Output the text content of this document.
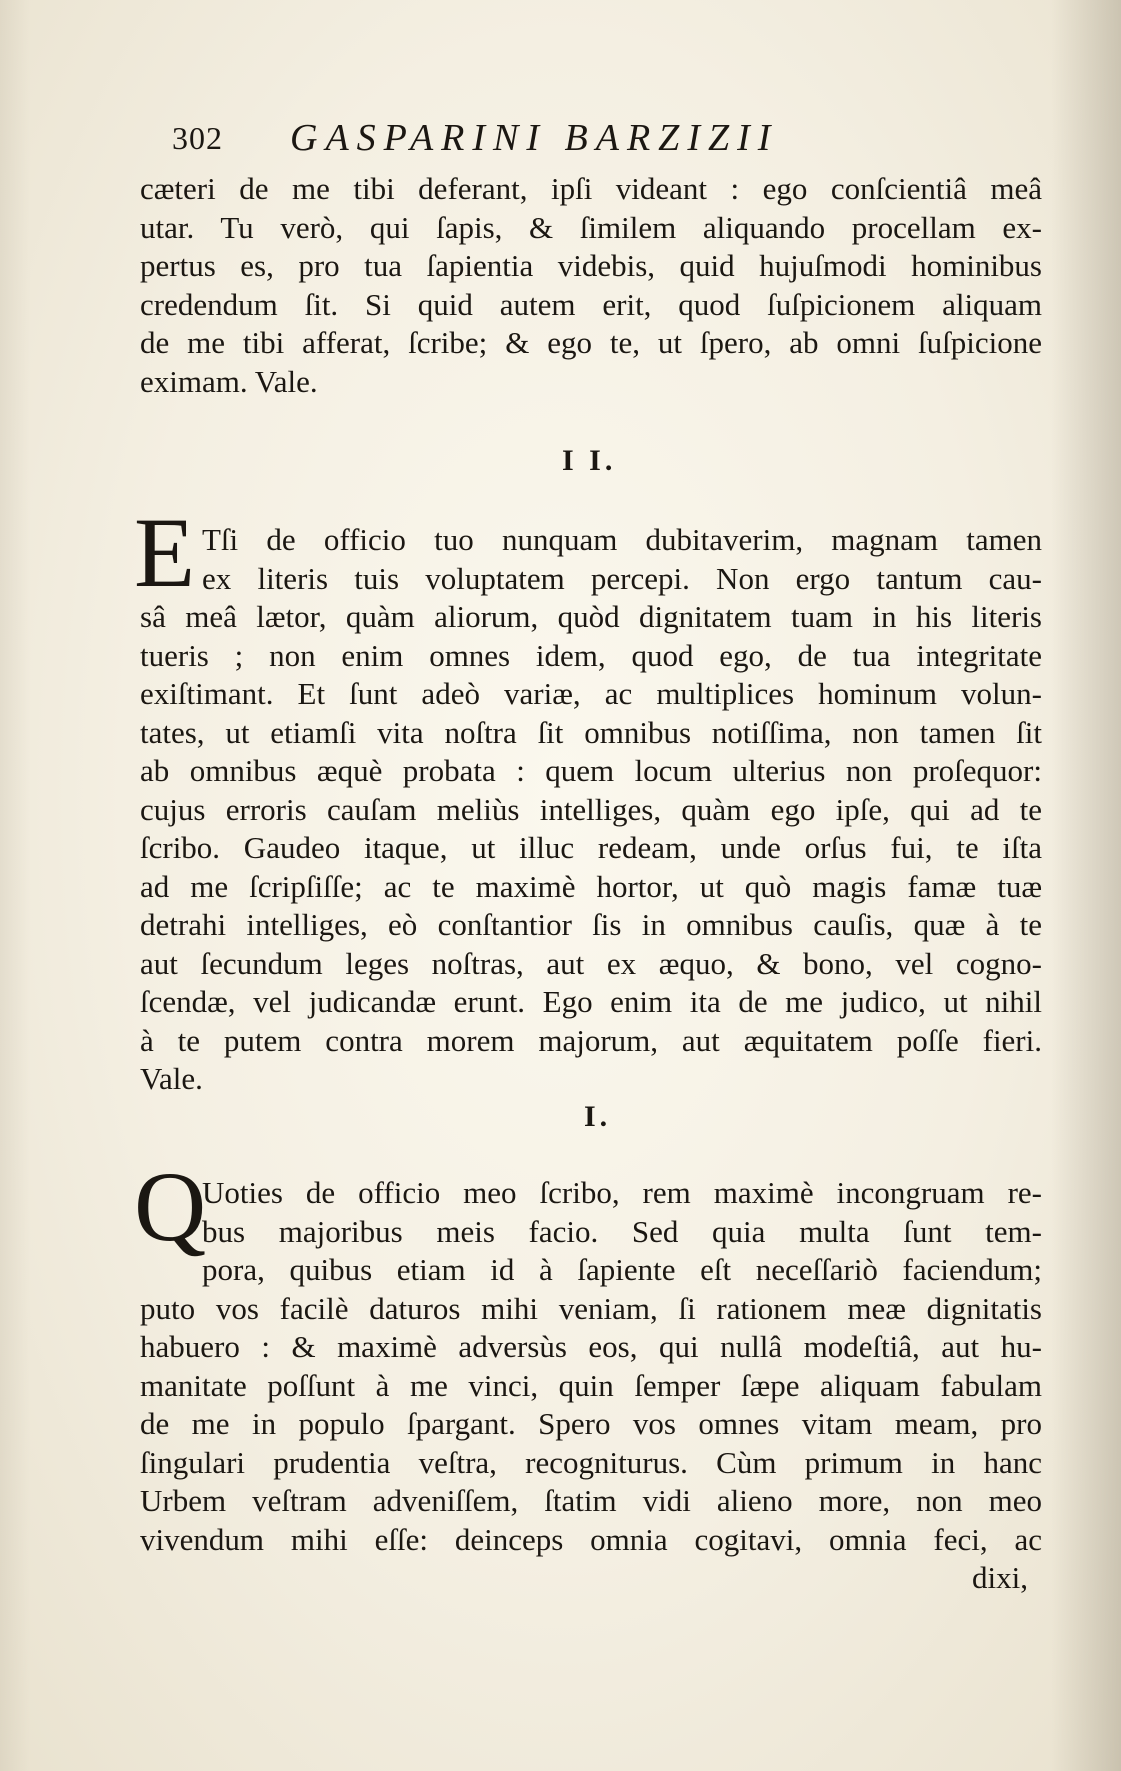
302 GASPARINI BARZIZII
cæteri de me tibi deferant, ipſi videant : ego conſcientiâ meâ
utar. Tu verò, qui ſapis, & ſimilem aliquando procellam ex-
pertus es, pro tua ſapientia videbis, quid hujuſmodi hominibus
credendum ſit. Si quid autem erit, quod ſuſpicionem aliquam
de me tibi afferat, ſcribe; & ego te, ut ſpero, ab omni ſuſpicione
eximam. Vale.
I I.
E Tſi de officio tuo nunquam dubitaverim, magnam tamen
ex literis tuis voluptatem percepi. Non ergo tantum cau-
sâ meâ lætor, quàm aliorum, quòd dignitatem tuam in his literis
tueris ; non enim omnes idem, quod ego, de tua integritate
exiſtimant. Et ſunt adeò variæ, ac multiplices hominum volun-
tates, ut etiamſi vita noſtra ſit omnibus notiſſima, non tamen ſit
ab omnibus æquè probata : quem locum ulterius non proſequor:
cujus erroris cauſam meliùs intelliges, quàm ego ipſe, qui ad te
ſcribo. Gaudeo itaque, ut illuc redeam, unde orſus fui, te iſta
ad me ſcripſiſſe; ac te maximè hortor, ut quò magis famæ tuæ
detrahi intelliges, eò conſtantior ſis in omnibus cauſis, quæ à te
aut ſecundum leges noſtras, aut ex æquo, & bono, vel cogno-
ſcendæ, vel judicandæ erunt. Ego enim ita de me judico, ut nihil
à te putem contra morem majorum, aut æquitatem poſſe fieri.
Vale.
I.
Q
Uoties de officio meo ſcribo, rem maximè incongruam re-
bus majoribus meis facio. Sed quia multa ſunt tem-
pora, quibus etiam id à ſapiente eſt neceſſariò faciendum;
puto vos facilè daturos mihi veniam, ſi rationem meæ dignitatis
habuero : & maximè adversùs eos, qui nullâ modeſtiâ, aut hu-
manitate poſſunt à me vinci, quin ſemper ſæpe aliquam fabulam
de me in populo ſpargant. Spero vos omnes vitam meam, pro
ſingulari prudentia veſtra, recogniturus. Cùm primum in hanc
Urbem veſtram adveniſſem, ſtatim vidi alieno more, non meo
vivendum mihi eſſe: deinceps omnia cogitavi, omnia feci, ac
dixi,
